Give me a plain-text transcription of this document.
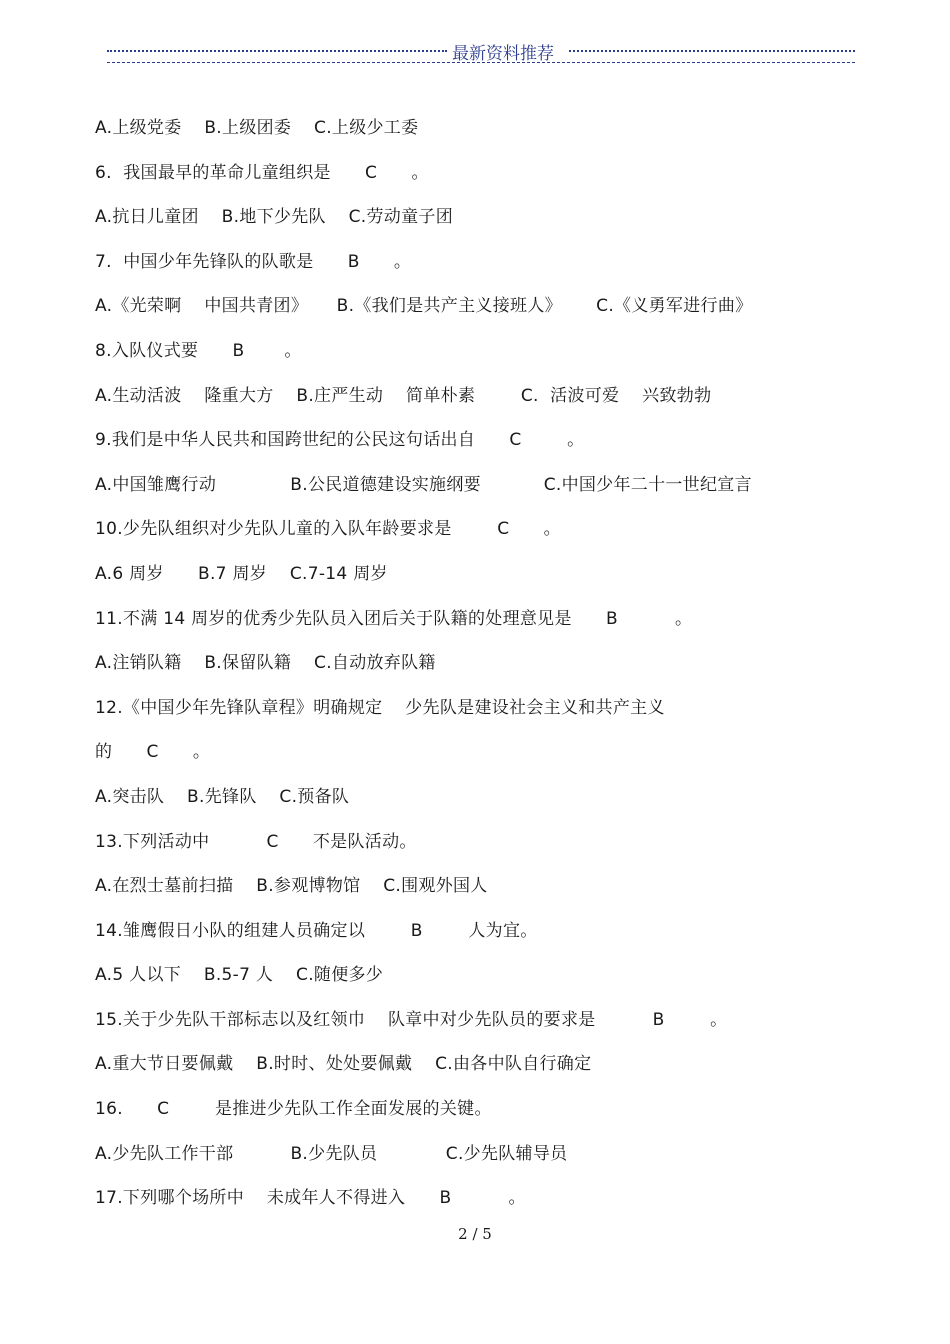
最新资料推荐
A.上级党委    B.上级团委    C.上级少工委
6.  我国最早的革命儿童组织是      C      。
A.抗日儿童团    B.地下少先队    C.劳动童子团
7.  中国少年先锋队的队歌是      B      。
A.《光荣啊    中国共青团》     B.《我们是共产主义接班人》      C.《义勇军进行曲》
8.入队仪式要      B       。
A.生动活波    隆重大方    B.庄严生动    简单朴素        C.  活波可爱    兴致勃勃
9.我们是中华人民共和国跨世纪的公民这句话出自      C        。
A.中国雏鹰行动             B.公民道德建设实施纲要           C.中国少年二十一世纪宣言
10.少先队组织对少先队儿童的入队年龄要求是        C      。
A.6 周岁      B.7 周岁    C.7-14 周岁
11.不满 14 周岁的优秀少先队员入团后关于队籍的处理意见是      B          。
A.注销队籍    B.保留队籍    C.自动放弃队籍
12.《中国少年先锋队章程》明确规定    少先队是建设社会主义和共产主义
的      C      。
A.突击队    B.先锋队    C.预备队
13.下列活动中          C      不是队活动。
A.在烈士墓前扫描    B.参观博物馆    C.围观外国人
14.雏鹰假日小队的组建人员确定以        B        人为宜。
A.5 人以下    B.5-7 人    C.随便多少
15.关于少先队干部标志以及红领巾    队章中对少先队员的要求是          B        。
A.重大节日要佩戴    B.时时、处处要佩戴    C.由各中队自行确定
16.      C        是推进少先队工作全面发展的关键。
A.少先队工作干部          B.少先队员            C.少先队辅导员
17.下列哪个场所中    未成年人不得进入      B          。
2 / 5
